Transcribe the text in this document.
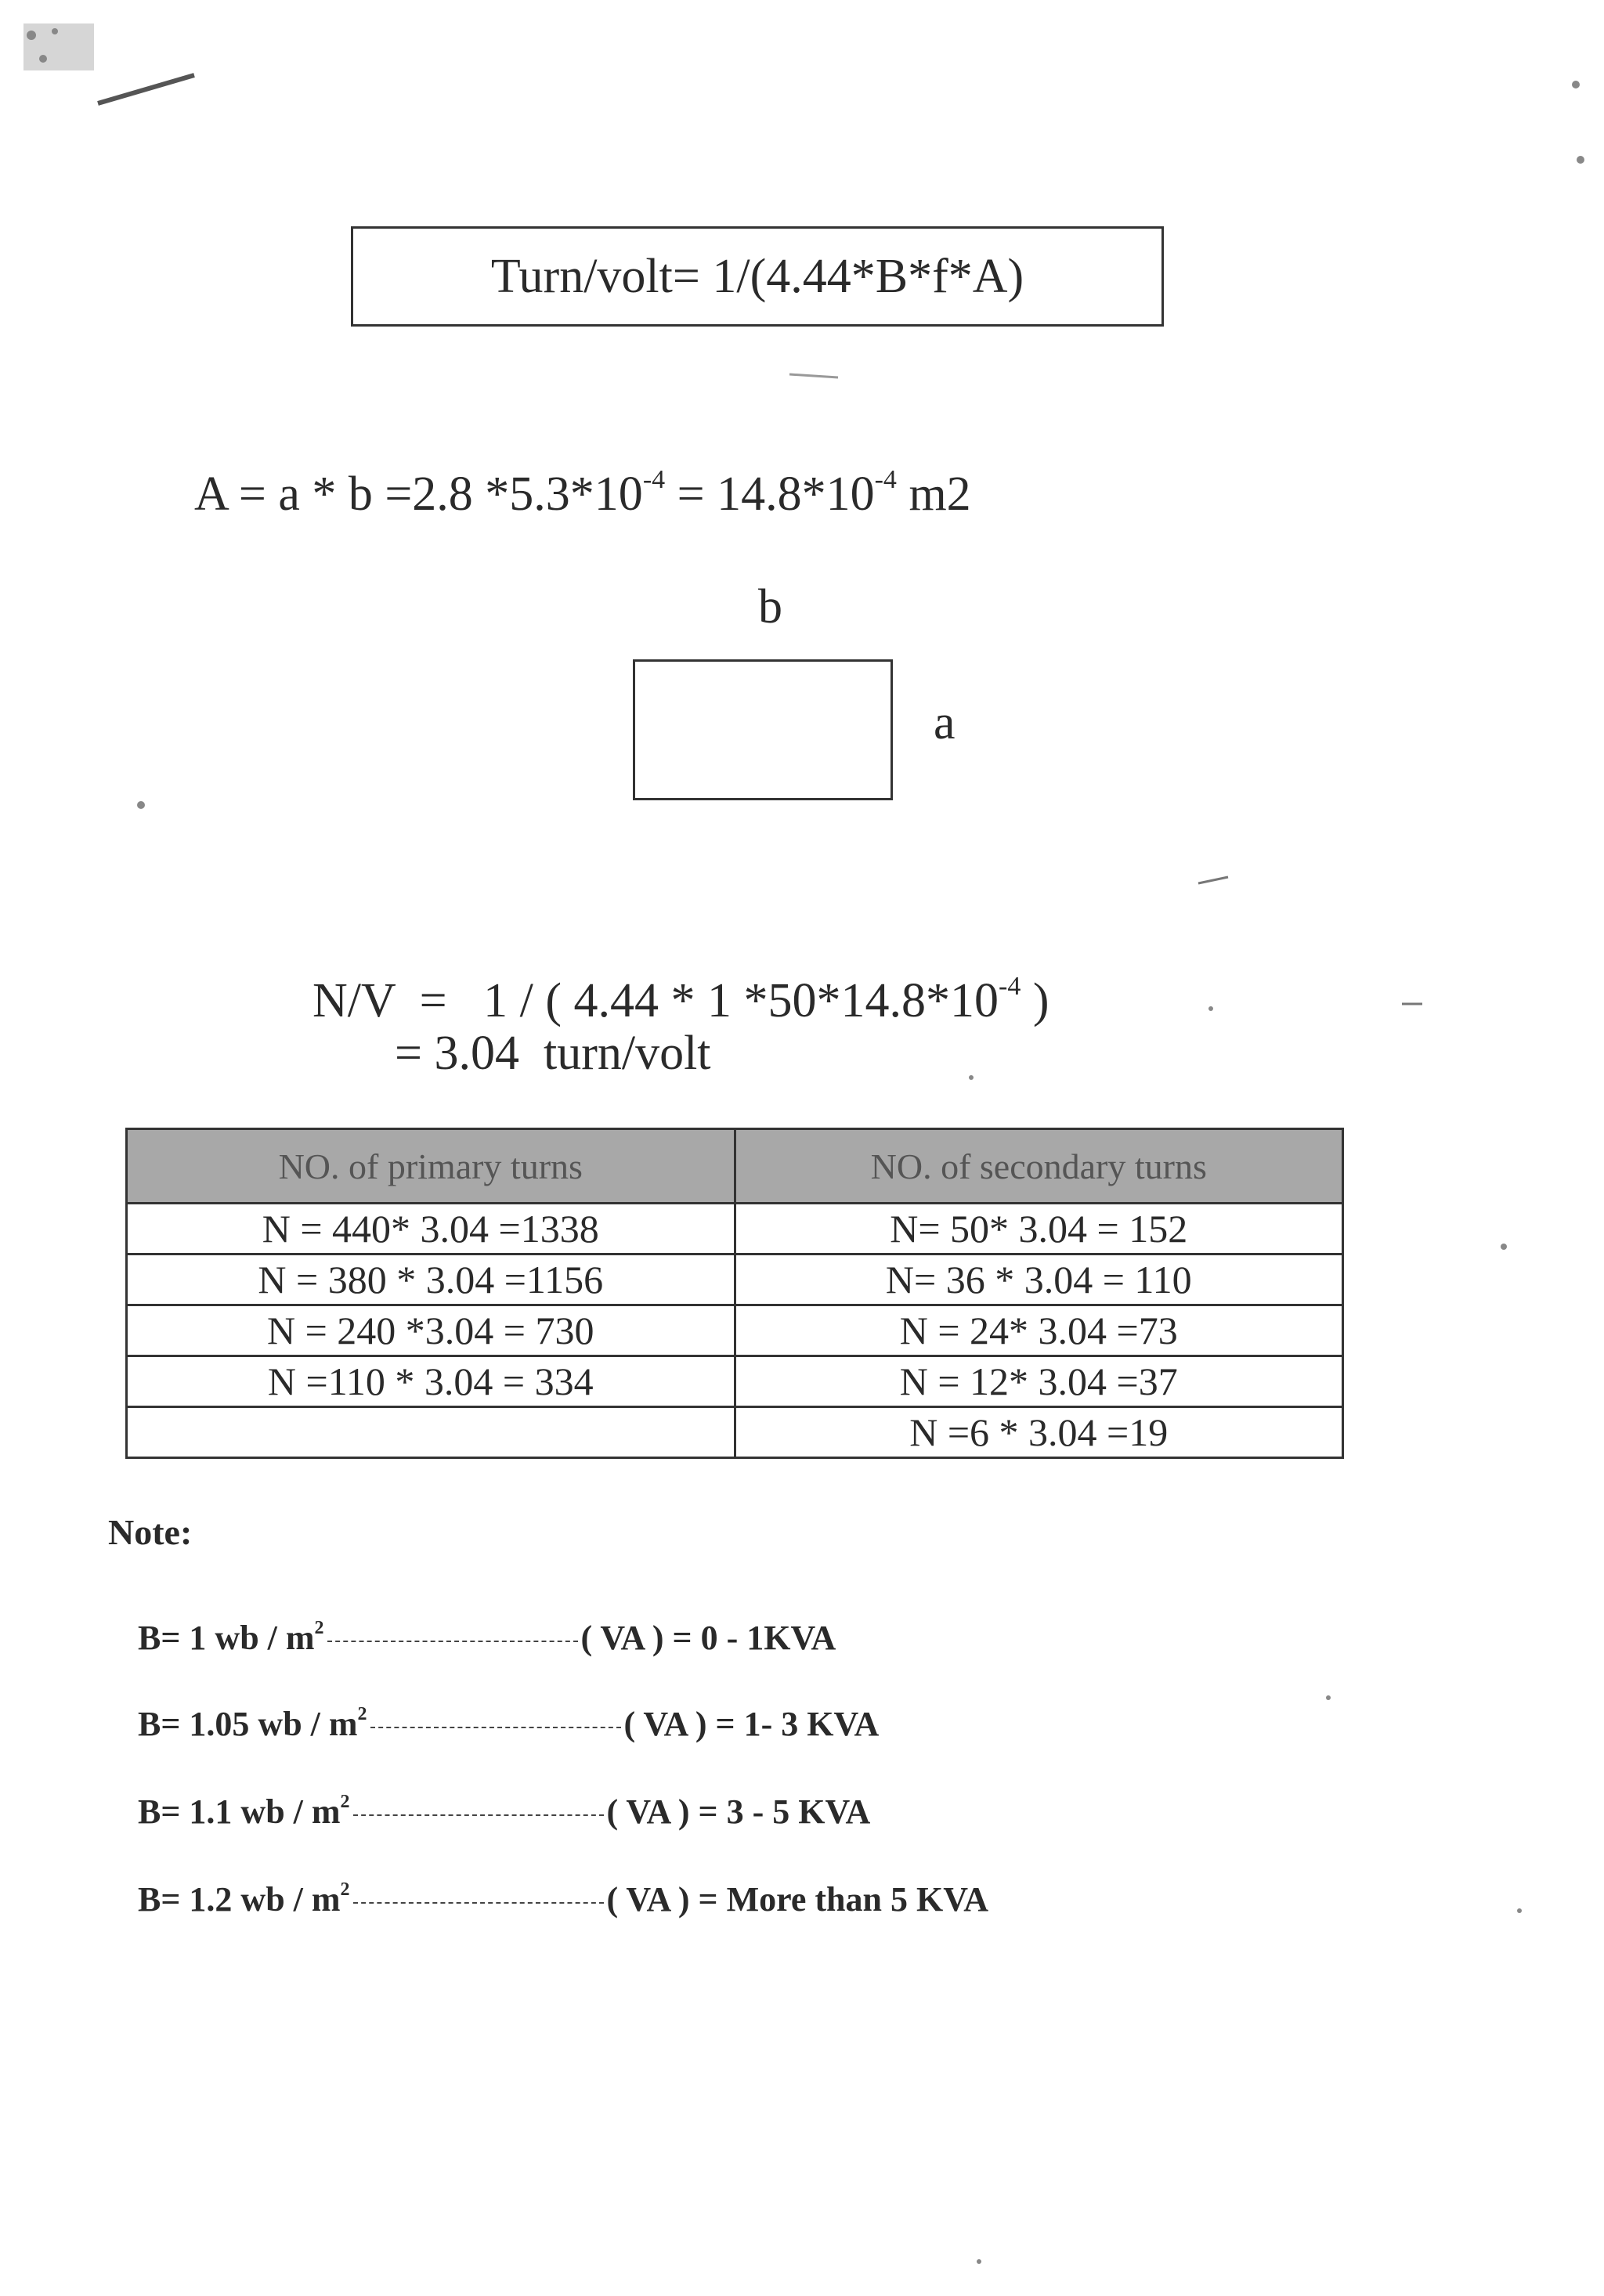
Turn/volt= 1/(4.44*B*f*A)
A = a * b =2.8 $*5.3*10^{-4} = 14.8*10^{-4}$ m2
b
a

N/V  =   1 / ( 4.44 * 1 $*50*14.8*10^{-4}$ )

= 3.04  turn/volt
NO. of primary turns	NO. of secondary turns
N = 440* 3.04 =1338	N= 50* 3.04 = 152
N = 380 * 3.04 =1156	N= 36 * 3.04 = 110
N = 240 *3.04 = 730	N = 24* 3.04 =73
N =110 * 3.04 = 334	N = 12* 3.04 =37
	N =6 * 3.04 =19
Note:
B= 1 wb / $m^2$	( VA ) = 0 - 1KVA
B= 1.05 wb / $m^2$	( VA ) = 1- 3 KVA
B= 1.1 wb / $m^2$	( VA ) = 3 - 5 KVA
B= 1.2 wb / $m^2$	( VA ) = More than 5 KVA
